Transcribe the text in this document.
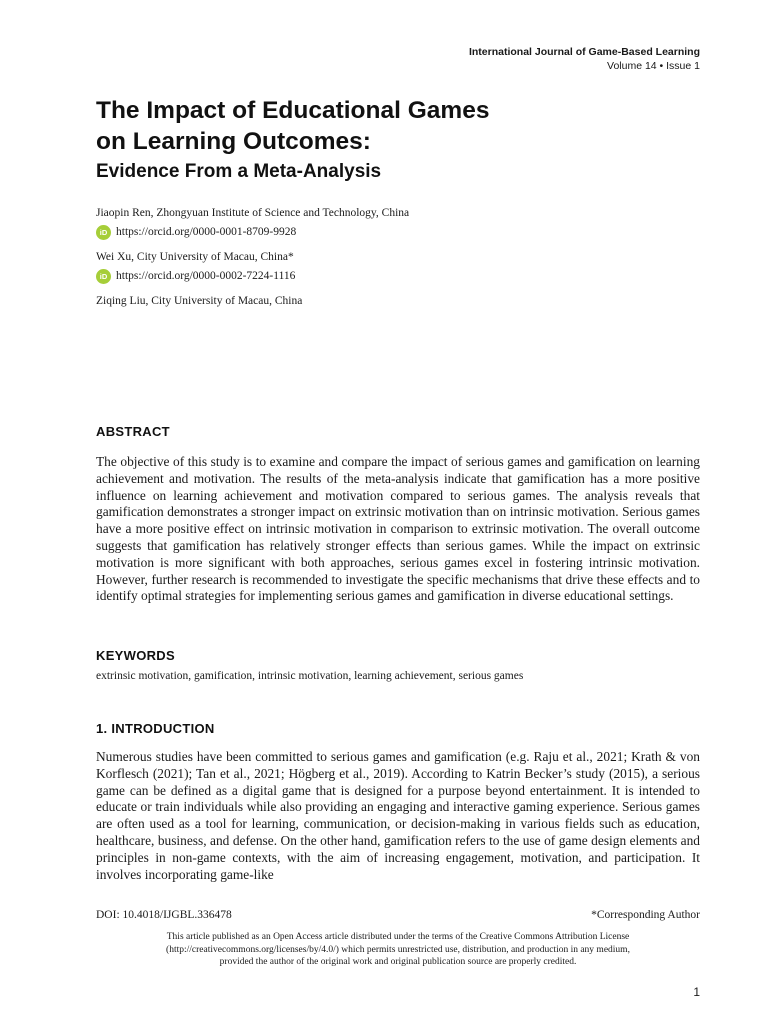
International Journal of Game-Based Learning
Volume 14 • Issue 1
The Impact of Educational Games
on Learning Outcomes:
Evidence From a Meta-Analysis
Jiaopin Ren, Zhongyuan Institute of Science and Technology, China
iD https://orcid.org/0000-0001-8709-9928
Wei Xu, City University of Macau, China*
iD https://orcid.org/0000-0002-7224-1116
Ziqing Liu, City University of Macau, China
ABSTRACT
The objective of this study is to examine and compare the impact of serious games and gamification on learning achievement and motivation. The results of the meta-analysis indicate that gamification has a more positive influence on learning achievement and motivation compared to serious games. The analysis reveals that gamification demonstrates a stronger impact on extrinsic motivation than on intrinsic motivation. Serious games have a more positive effect on intrinsic motivation in comparison to extrinsic motivation. The overall outcome suggests that gamification has relatively stronger effects than serious games. While the impact on extrinsic motivation is more significant with both approaches, serious games excel in fostering intrinsic motivation. However, further research is recommended to investigate the specific mechanisms that drive these effects and to identify optimal strategies for implementing serious games and gamification in diverse educational settings.
KEYWORDS
extrinsic motivation, gamification, intrinsic motivation, learning achievement, serious games
1. INTRODUCTION
Numerous studies have been committed to serious games and gamification (e.g. Raju et al., 2021; Krath & von Korflesch (2021); Tan et al., 2021; Högberg et al., 2019). According to Katrin Becker’s study (2015), a serious game can be defined as a digital game that is designed for a purpose beyond entertainment. It is intended to educate or train individuals while also providing an engaging and interactive gaming experience. Serious games are often used as a tool for learning, communication, or decision-making in various fields such as education, healthcare, business, and defense. On the other hand, gamification refers to the use of game design elements and principles in non-game contexts, with the aim of increasing engagement, motivation, and participation. It involves incorporating game-like
DOI: 10.4018/IJGBL.336478	*Corresponding Author
This article published as an Open Access article distributed under the terms of the Creative Commons Attribution License
(http://creativecommons.org/licenses/by/4.0/) which permits unrestricted use, distribution, and production in any medium,
provided the author of the original work and original publication source are properly credited.
1
